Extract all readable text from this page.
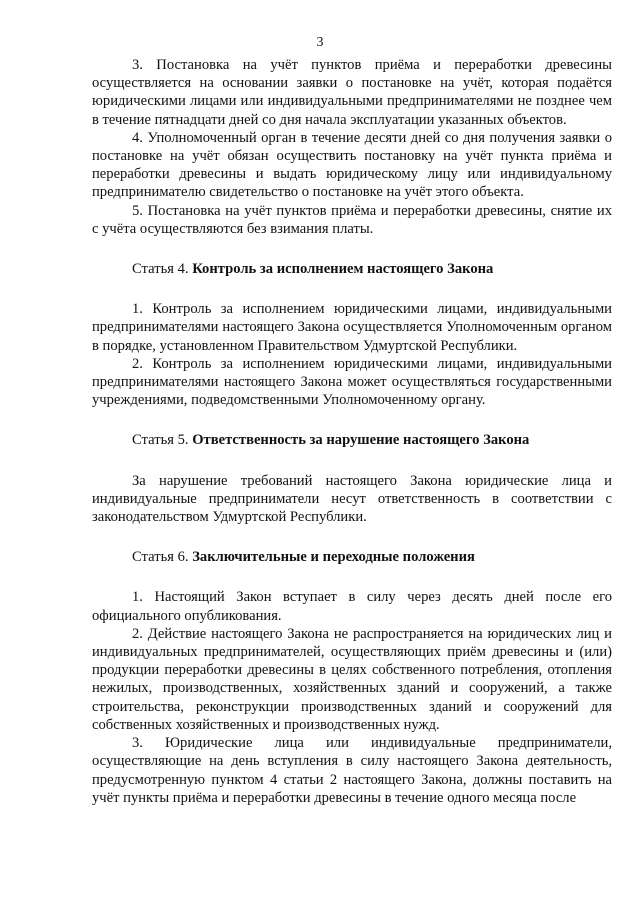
3

3. Постановка на учёт пунктов приёма и переработки древесины осуществляется на основании заявки о постановке на учёт, которая подаётся юридическими лицами или индивидуальными предпринимателями не позднее чем в течение пятнадцати дней со дня начала эксплуатации указанных объектов.

4. Уполномоченный орган в течение десяти дней со дня получения заявки о постановке на учёт обязан осуществить постановку на учёт пункта приёма и переработки древесины и выдать юридическому лицу или индивидуальному предпринимателю свидетельство о постановке на учёт этого объекта.

5. Постановка на учёт пунктов приёма и переработки древесины, снятие их с учёта осуществляются без взимания платы.

Статья 4. Контроль за исполнением настоящего Закона

1. Контроль за исполнением юридическими лицами, индивидуальными предпринимателями настоящего Закона осуществляется Уполномоченным органом в порядке, установленном Правительством Удмуртской Республики.

2. Контроль за исполнением юридическими лицами, индивидуальными предпринимателями настоящего Закона может осуществляться государственными учреждениями, подведомственными Уполномоченному органу.

Статья 5. Ответственность за нарушение настоящего Закона

За нарушение требований настоящего Закона юридические лица и индивидуальные предприниматели несут ответственность в соответствии с законодательством Удмуртской Республики.

Статья 6. Заключительные и переходные положения

1. Настоящий Закон вступает в силу через десять дней после его официального опубликования.

2. Действие настоящего Закона не распространяется на юридических лиц и индивидуальных предпринимателей, осуществляющих приём древесины и (или) продукции переработки древесины в целях собственного потребления, отопления нежилых, производственных, хозяйственных зданий и сооружений, а также строительства, реконструкции производственных зданий и сооружений для собственных хозяйственных и производственных нужд.

3. Юридические лица или индивидуальные предприниматели, осуществляющие на день вступления в силу настоящего Закона деятельность, предусмотренную пунктом 4 статьи 2 настоящего Закона, должны поставить на учёт пункты приёма и переработки древесины в течение одного месяца после
